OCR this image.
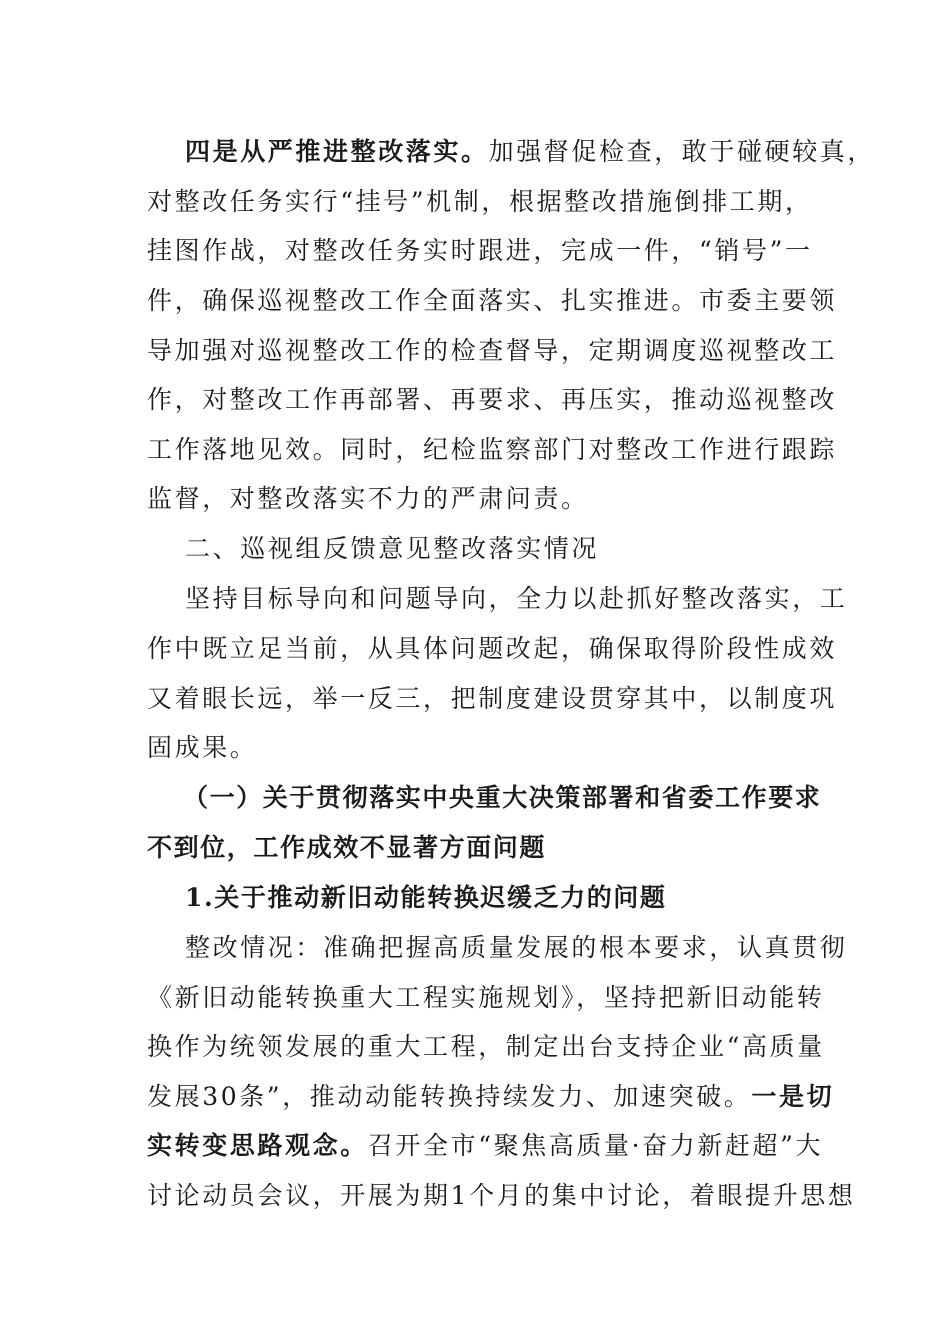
四是从严推进整改落实。加强督促检查，敢于碰硬较真，
对整改任务实行“挂号”机制，根据整改措施倒排工期，
挂图作战，对整改任务实时跟进，完成一件，“销号”一
件，确保巡视整改工作全面落实、扎实推进。市委主要领
导加强对巡视整改工作的检查督导，定期调度巡视整改工
作，对整改工作再部署、再要求、再压实，推动巡视整改
工作落地见效。同时，纪检监察部门对整改工作进行跟踪
监督，对整改落实不力的严肃问责。
二、巡视组反馈意见整改落实情况
坚持目标导向和问题导向，全力以赴抓好整改落实，工
作中既立足当前，从具体问题改起，确保取得阶段性成效
又着眼长远，举一反三，把制度建设贯穿其中，以制度巩
固成果。
（一）关于贯彻落实中央重大决策部署和省委工作要求
不到位，工作成效不显著方面问题
1.关于推动新旧动能转换迟缓乏力的问题
整改情况：准确把握高质量发展的根本要求，认真贯彻
《新旧动能转换重大工程实施规划》，坚持把新旧动能转
换作为统领发展的重大工程，制定出台支持企业“高质量
发展30条”，推动动能转换持续发力、加速突破。一是切
实转变思路观念。召开全市“聚焦高质量·奋力新赶超”大
讨论动员会议，开展为期1个月的集中讨论，着眼提升思想
